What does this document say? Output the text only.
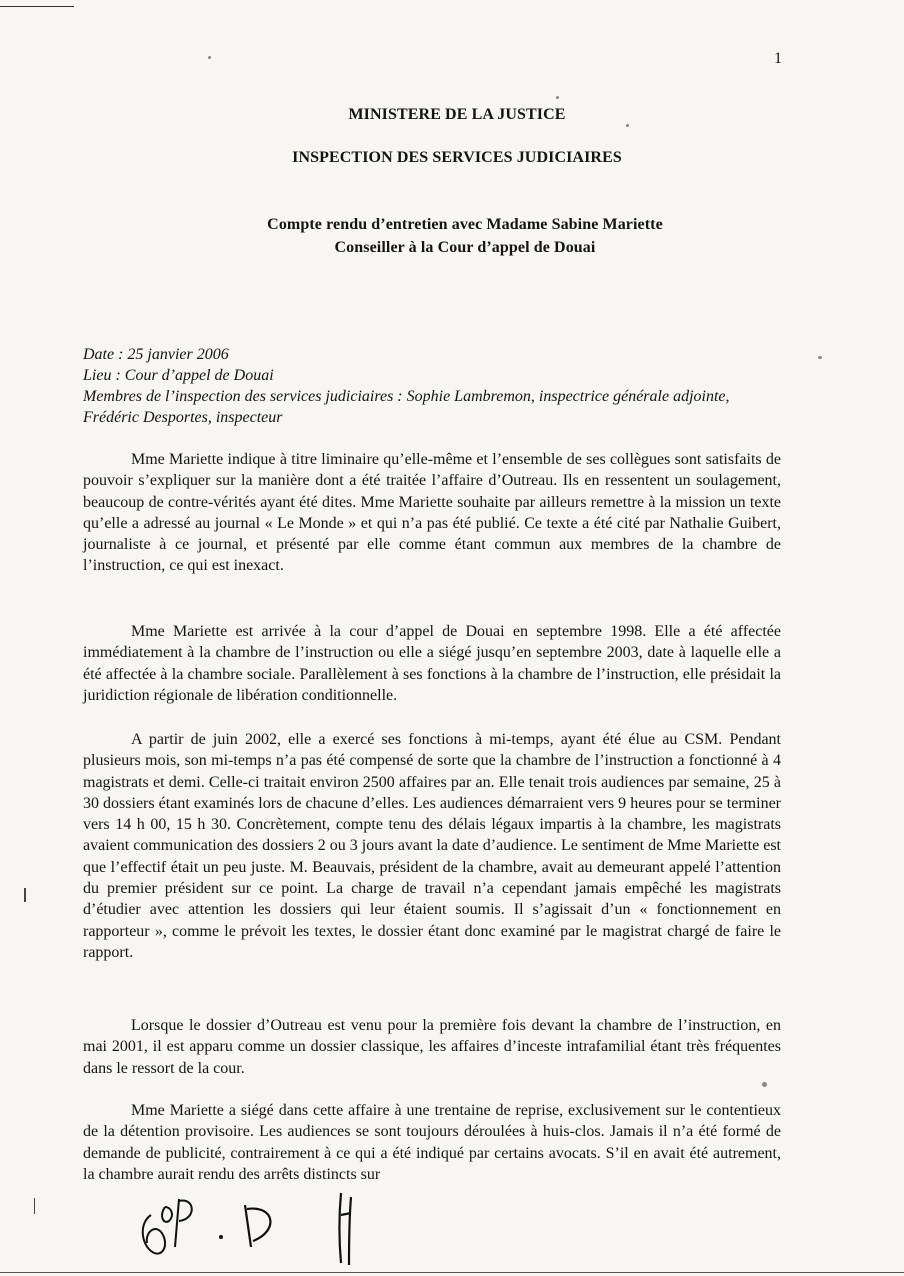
1
MINISTERE DE LA JUSTICE
INSPECTION DES SERVICES JUDICIAIRES
Compte rendu d’entretien avec Madame Sabine Mariette
Conseiller à la Cour d’appel de Douai
Date : 25 janvier 2006
Lieu : Cour d’appel de Douai
Membres de l’inspection des services judiciaires : Sophie Lambremon, inspectrice générale adjointe, Frédéric Desportes, inspecteur

Mme Mariette indique à titre liminaire qu’elle-même et l’ensemble de ses collègues sont satisfaits de pouvoir s’expliquer sur la manière dont a été traitée l’affaire d’Outreau. Ils en ressentent un soulagement, beaucoup de contre-vérités ayant été dites. Mme Mariette souhaite par ailleurs remettre à la mission un texte qu’elle a adressé au journal « Le Monde » et qui n’a pas été publié. Ce texte a été cité par Nathalie Guibert, journaliste à ce journal, et présenté par elle comme étant commun aux membres de la chambre de l’instruction, ce qui est inexact.

Mme Mariette est arrivée à la cour d’appel de Douai en septembre 1998. Elle a été affectée immédiatement à la chambre de l’instruction ou elle a siégé jusqu’en septembre 2003, date à laquelle elle a été affectée à la chambre sociale. Parallèlement à ses fonctions à la chambre de l’instruction, elle présidait la juridiction régionale de libération conditionnelle.

A partir de juin 2002, elle a exercé ses fonctions à mi-temps, ayant été élue au CSM. Pendant plusieurs mois, son mi-temps n’a pas été compensé de sorte que la chambre de l’instruction a fonctionné à 4 magistrats et demi. Celle-ci traitait environ 2500 affaires par an. Elle tenait trois audiences par semaine, 25 à 30 dossiers étant examinés lors de chacune d’elles. Les audiences démarraient vers 9 heures pour se terminer vers 14 h 00, 15 h 30. Concrètement, compte tenu des délais légaux impartis à la chambre, les magistrats avaient communication des dossiers 2 ou 3 jours avant la date d’audience. Le sentiment de Mme Mariette est que l’effectif était un peu juste. M. Beauvais, président de la chambre, avait au demeurant appelé l’attention du premier président sur ce point. La charge de travail n’a cependant jamais empêché les magistrats d’étudier avec attention les dossiers qui leur étaient soumis. Il s’agissait d’un « fonctionnement en rapporteur », comme le prévoit les textes, le dossier étant donc examiné par le magistrat chargé de faire le rapport.

Lorsque le dossier d’Outreau est venu pour la première fois devant la chambre de l’instruction, en mai 2001, il est apparu comme un dossier classique, les affaires d’inceste intrafamilial étant très fréquentes dans le ressort de la cour.

Mme Mariette a siégé dans cette affaire à une trentaine de reprise, exclusivement sur le contentieux de la détention provisoire. Les audiences se sont toujours déroulées à huis-clos. Jamais il n’a été formé de demande de publicité, contrairement à ce qui a été indiqué par certains avocats. S’il en avait été autrement, la chambre aurait rendu des arrêts distincts sur
